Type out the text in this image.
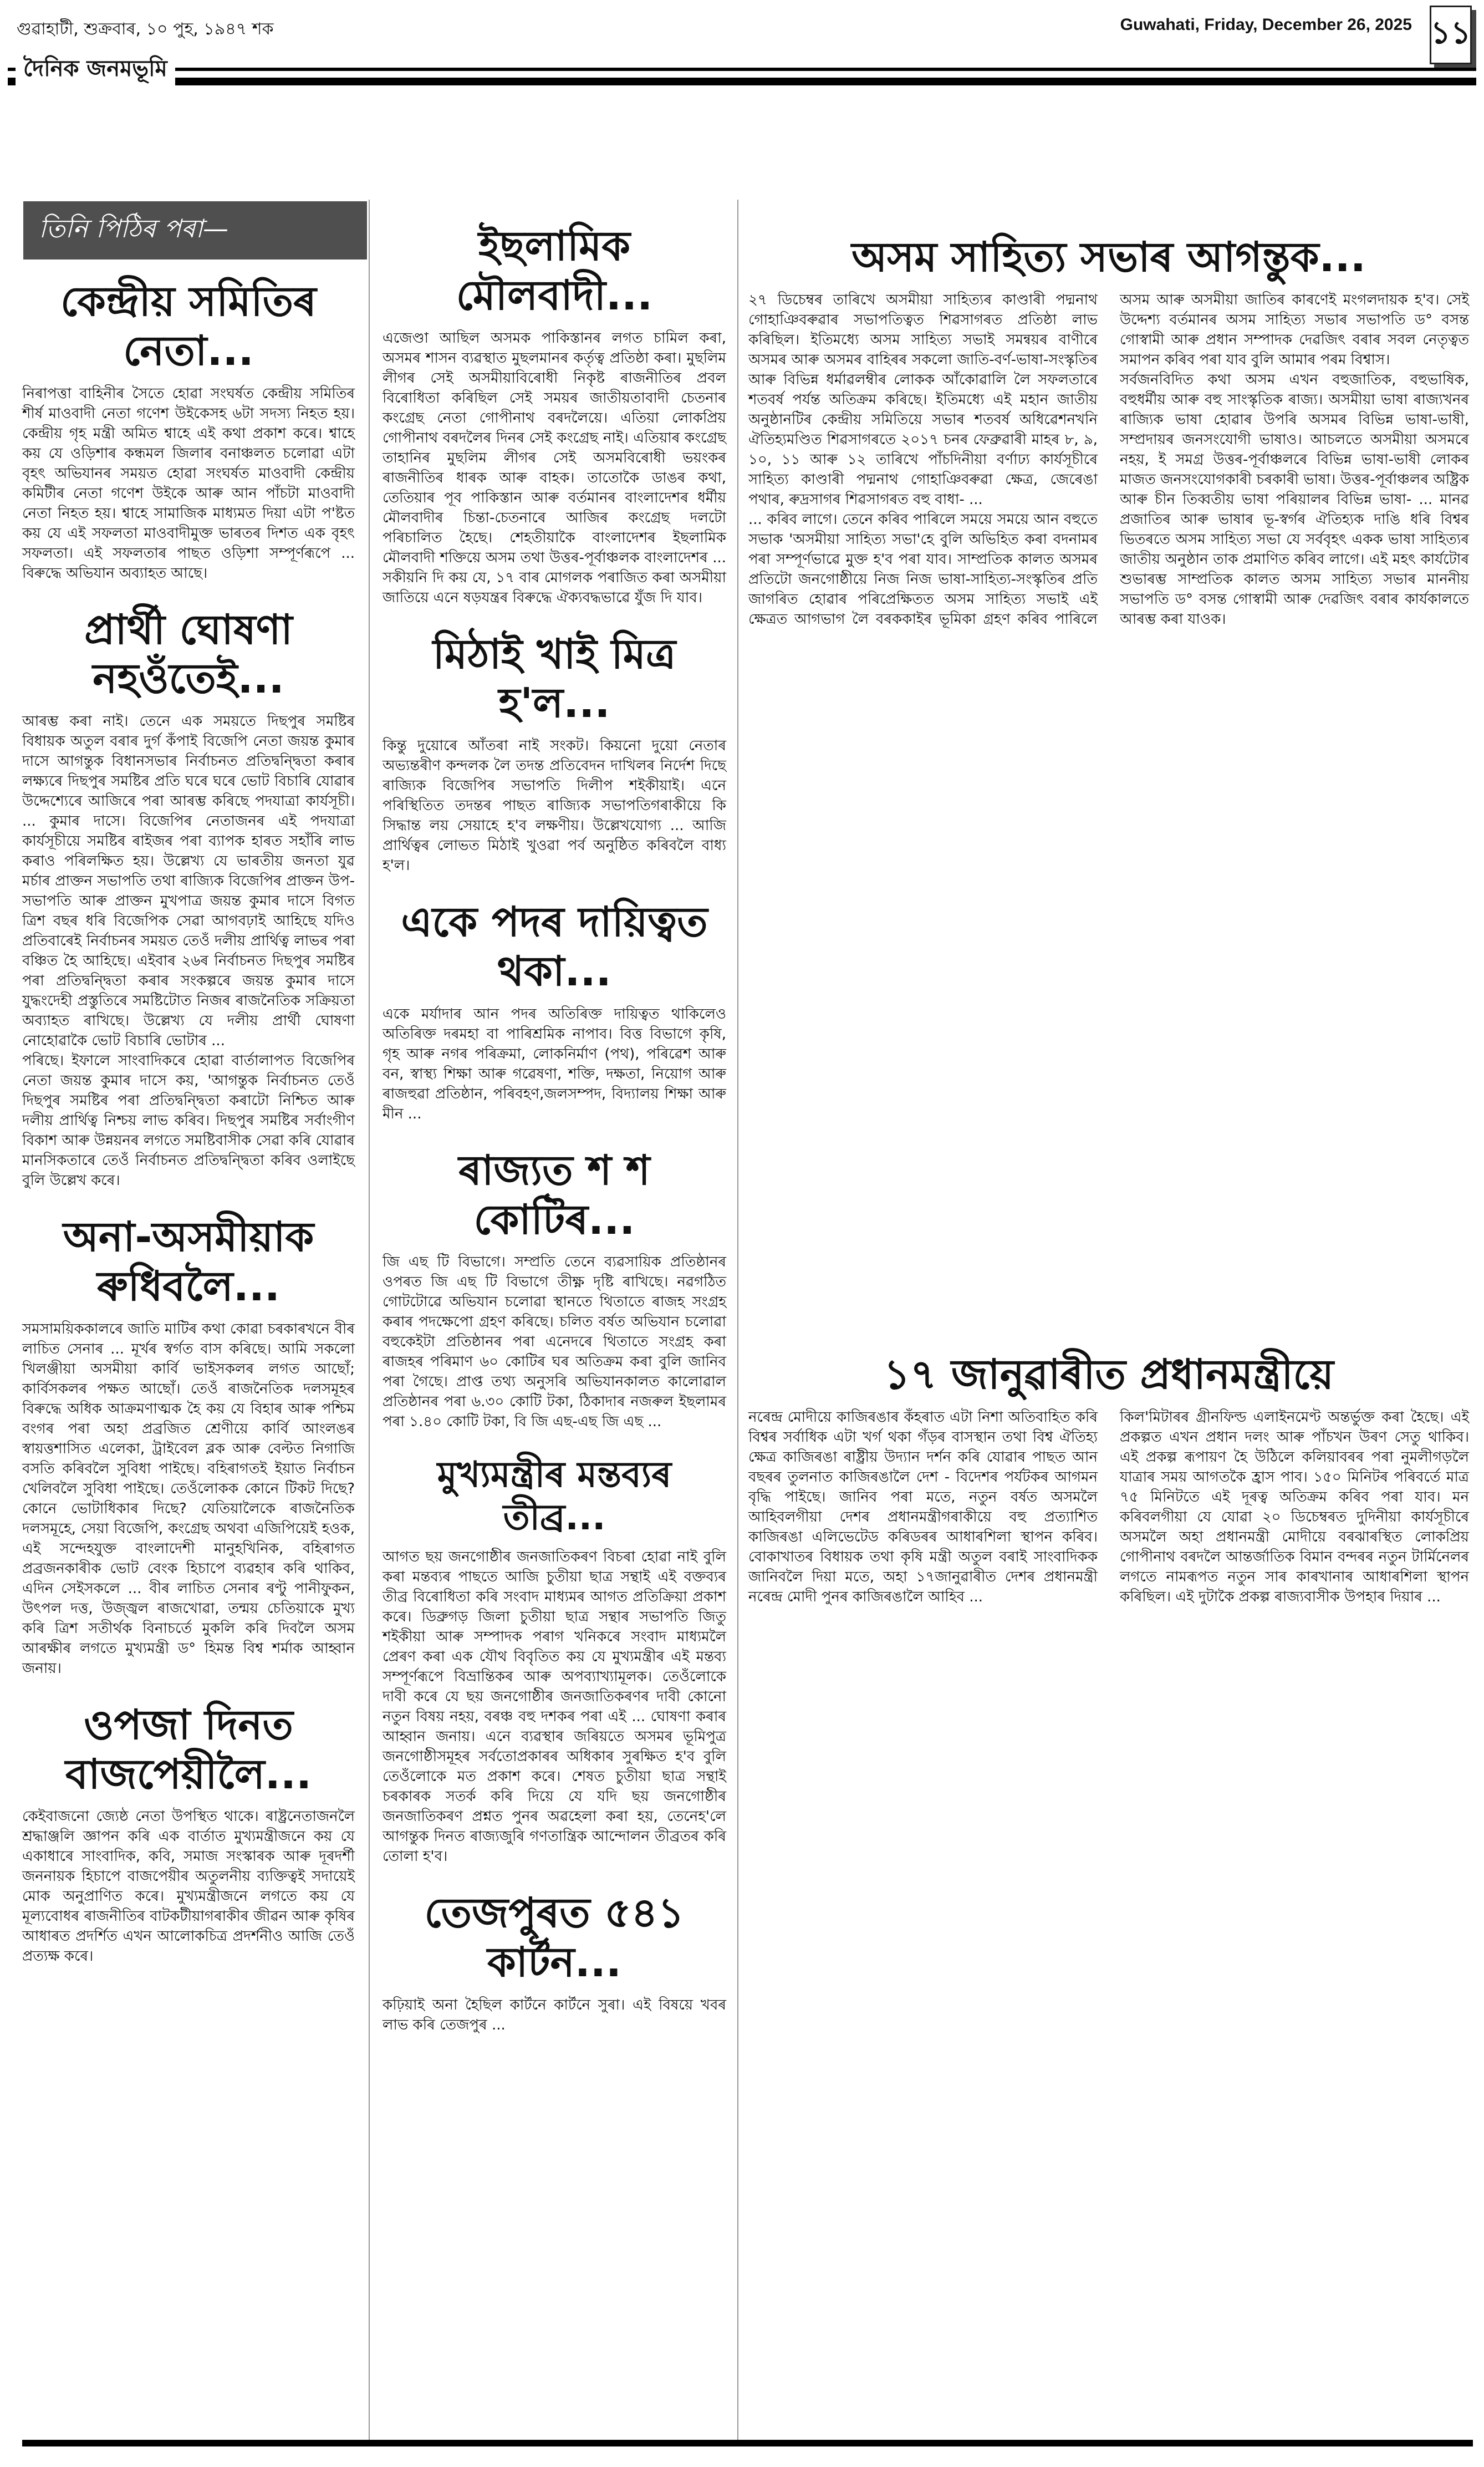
গুৱাহাটী, শুক্ৰবাৰ, ১০ পুহ, ১৯৪৭ শক	Guwahati, Friday, December 26, 2025 ১১
দৈনিক জনমভূমি
তিনি পিঠিৰ পৰা—
কেন্দ্ৰীয় সমিতিৰ নেতা...

নিৰাপত্তা বাহিনীৰ সৈতে হোৱা সংঘৰ্ষত কেন্দ্ৰীয় সমিতিৰ শীৰ্ষ মাওবাদী নেতা গণেশ উইকেসহ ৬টা সদস্য নিহত হয়। কেন্দ্ৰীয় গৃহ মন্ত্ৰী অমিত শ্বাহে এই কথা প্ৰকাশ কৰে। শ্বাহে কয় যে ওড়িশাৰ কন্ধমল জিলাৰ বনাঞ্চলত চলোৱা এটা বৃহৎ অভিযানৰ সময়ত হোৱা সংঘৰ্ষত মাওবাদী কেন্দ্ৰীয় কমিটীৰ নেতা গণেশ উইকে আৰু আন পাঁচটা মাওবাদী নেতা নিহত হয়। শ্বাহে সামাজিক মাধ্যমত দিয়া এটা প'ষ্টত কয় যে এই সফলতা মাওবাদীমুক্ত ভাৰতৰ দিশত এক বৃহৎ সফলতা। এই সফলতাৰ পাছত ওড়িশা সম্পূৰ্ণৰূপে ... বিৰুদ্ধে অভিযান অব্যাহত আছে।

প্ৰাৰ্থী ঘোষণা নহওঁতেই...

আৰম্ভ কৰা নাই। তেনে এক সময়তে দিছপুৰ সমষ্টিৰ বিধায়ক অতুল বৰাৰ দুৰ্গ কঁপাই বিজেপি নেতা জয়ন্ত কুমাৰ দাসে আগন্তুক বিধানসভাৰ নিৰ্বাচনত প্ৰতিদ্বন্দ্বিতা কৰাৰ লক্ষ্যৰে দিছপুৰ সমষ্টিৰ প্ৰতি ঘৰে ঘৰে ভোট বিচাৰি যোৱাৰ উদ্দেশ্যেৰে আজিৰে পৰা আৰম্ভ কৰিছে পদযাত্ৰা কাৰ্যসূচী। ... কুমাৰ দাসে। বিজেপিৰ নেতাজনৰ এই পদযাত্ৰা কাৰ্যসূচীয়ে সমষ্টিৰ ৰাইজৰ পৰা ব্যাপক হাৰত সহাঁৰি লাভ কৰাও পৰিলক্ষিত হয়। উল্লেখ্য যে ভাৰতীয় জনতা যুৱ মৰ্চাৰ প্ৰাক্তন সভাপতি তথা ৰাজ্যিক বিজেপিৰ প্ৰাক্তন উপ-সভাপতি আৰু প্ৰাক্তন মুখপাত্ৰ জয়ন্ত কুমাৰ দাসে বিগত ত্ৰিশ বছৰ ধৰি বিজেপিক সেৱা আগবঢ়াই আহিছে যদিও প্ৰতিবাৰেই নিৰ্বাচনৰ সময়ত তেওঁ দলীয় প্ৰাৰ্থিত্ব লাভৰ পৰা বঞ্চিত হৈ আহিছে। এইবাৰ ২৬ৰ নিৰ্বাচনত দিছপুৰ সমষ্টিৰ পৰা প্ৰতিদ্বন্দ্বিতা কৰাৰ সংকল্পৰে জয়ন্ত কুমাৰ দাসে যুদ্ধংদেহী প্ৰস্তুতিৰে সমষ্টিটোত নিজৰ ৰাজনৈতিক সক্ৰিয়তা অব্যাহত ৰাখিছে। উল্লেখ্য যে দলীয় প্ৰাৰ্থী ঘোষণা নোহোৱাকৈ ভোট বিচাৰি ভোটাৰ ...

পৰিছে। ইফালে সাংবাদিকৰে হোৱা বাৰ্তালাপত বিজেপিৰ নেতা জয়ন্ত কুমাৰ দাসে কয়, 'আগন্তুক নিৰ্বাচনত তেওঁ দিছপুৰ সমষ্টিৰ পৰা প্ৰতিদ্বন্দ্বিতা কৰাটো নিশ্চিত আৰু দলীয় প্ৰাৰ্থিত্ব নিশ্চয় লাভ কৰিব। দিছপুৰ সমষ্টিৰ সৰ্বাংগীণ বিকাশ আৰু উন্নয়নৰ লগতে সমষ্টিবাসীক সেৱা কৰি যোৱাৰ মানসিকতাৰে তেওঁ নিৰ্বাচনত প্ৰতিদ্বন্দ্বিতা কৰিব ওলাইছে বুলি উল্লেখ কৰে।

অনা-অসমীয়াক ৰুধিবলৈ...

সমসাময়িককালৰে জাতি মাটিৰ কথা কোৱা চৰকাৰখনে বীৰ লাচিত সেনাৰ ... মূৰ্খৰ স্বৰ্গত বাস কৰিছে। আমি সকলো খিলঞ্জীয়া অসমীয়া কাৰ্বি ভাইসকলৰ লগত আছোঁ; কাৰ্বিসকলৰ পক্ষত আছোঁ। তেওঁ ৰাজনৈতিক দলসমূহৰ বিৰুদ্ধে অধিক আক্ৰমণাত্মক হৈ কয় যে বিহাৰ আৰু পশ্চিম বংগৰ পৰা অহা প্ৰব্ৰজিত শ্ৰেণীয়ে কাৰ্বি আংলঙৰ স্বায়ত্তশাসিত এলেকা, ট্ৰাইবেল ব্লক আৰু বেল্টত নিগাজি বসতি কৰিবলৈ সুবিধা পাইছে। বহিৰাগতই ইয়াত নিৰ্বাচন খেলিবলৈ সুবিধা পাইছে। তেওঁলোকক কোনে টিকট দিছে? কোনে ভোটাধিকাৰ দিছে? যেতিয়ালৈকে ৰাজনৈতিক দলসমূহে, সেয়া বিজেপি, কংগ্ৰেছ অথবা এজিপিয়েই হওক, এই সন্দেহযুক্ত বাংলাদেশী মানুহখিনিক, বহিৰাগত প্ৰব্ৰজনকাৰীক ভোট বেংক হিচাপে ব্যৱহাৰ কৰি থাকিব, এদিন সেইসকলে ... বীৰ লাচিত সেনাৰ ৰণ্টু পানীফুকন, উৎপল দত্ত, উজ্জ্বল ৰাজখোৱা, তন্ময় চেতিয়াকে মুখ্য কৰি ত্ৰিশ সতীৰ্থক বিনাচৰ্তে মুকলি কৰি দিবলৈ অসম আৰক্ষীৰ লগতে মুখ্যমন্ত্ৰী ড° হিমন্ত বিশ্ব শৰ্মাক আহ্বান জনায়।

ওপজা দিনত বাজপেয়ীলৈ...

কেইবাজনো জ্যেষ্ঠ নেতা উপস্থিত থাকে। ৰাষ্ট্ৰনেতাজনলৈ শ্ৰদ্ধাঞ্জলি জ্ঞাপন কৰি এক বাৰ্তাত মুখ্যমন্ত্ৰীজনে কয় যে একাধাৰে সাংবাদিক, কবি, সমাজ সংস্কাৰক আৰু দূৰদৰ্শী জননায়ক হিচাপে বাজপেয়ীৰ অতুলনীয় ব্যক্তিত্বই সদায়েই মোক অনুপ্ৰাণিত কৰে। মুখ্যমন্ত্ৰীজনে লগতে কয় যে মূল্যবোধৰ ৰাজনীতিৰ বাটকটীয়াগৰাকীৰ জীৱন আৰু কৃষিৰ আধাৰত প্ৰদৰ্শিত এখন আলোকচিত্ৰ প্ৰদৰ্শনীও আজি তেওঁ প্ৰত্যক্ষ কৰে।

ইছলামিক মৌলবাদী...

এজেণ্ডা আছিল অসমক পাকিস্তানৰ লগত চামিল কৰা, অসমৰ শাসন ব্যৱস্থাত মুছলমানৰ কৰ্তৃত্ব প্ৰতিষ্ঠা কৰা। মুছলিম লীগৰ সেই অসমীয়াবিৰোধী নিকৃষ্ট ৰাজনীতিৰ প্ৰবল বিৰোধিতা কৰিছিল সেই সময়ৰ জাতীয়তাবাদী চেতনাৰ কংগ্ৰেছ নেতা গোপীনাথ বৰদলৈয়ে। এতিয়া লোকপ্ৰিয় গোপীনাথ বৰদলৈৰ দিনৰ সেই কংগ্ৰেছ নাই। এতিয়াৰ কংগ্ৰেছ তাহানিৰ মুছলিম লীগৰ সেই অসমবিৰোধী ভয়ংকৰ ৰাজনীতিৰ ধাৰক আৰু বাহক। তাতোকৈ ডাঙৰ কথা, তেতিয়াৰ পূব পাকিস্তান আৰু বৰ্তমানৰ বাংলাদেশৰ ধৰ্মীয় মৌলবাদীৰ চিন্তা-চেতনাৰে আজিৰ কংগ্ৰেছ দলটো পৰিচালিত হৈছে। শেহতীয়াকৈ বাংলাদেশৰ ইছলামিক মৌলবাদী শক্তিয়ে অসম তথা উত্তৰ-পূৰ্বাঞ্চলক বাংলাদেশৰ ... সকীয়নি দি কয় যে, ১৭ বাৰ মোগলক পৰাজিত কৰা অসমীয়া জাতিয়ে এনে ষড়যন্ত্ৰৰ বিৰুদ্ধে ঐক্যবদ্ধভাৱে যুঁজ দি যাব।

মিঠাই খাই মিত্ৰ হ'ল...

কিন্তু দুয়োৰে আঁতৰা নাই সংকট। কিয়নো দুয়ো নেতাৰ অভ্যন্তৰীণ কন্দলক লৈ তদন্ত প্ৰতিবেদন দাখিলৰ নিৰ্দেশ দিছে ৰাজ্যিক বিজেপিৰ সভাপতি দিলীপ শইকীয়াই। এনে পৰিস্থিতিত তদন্তৰ পাছত ৰাজ্যিক সভাপতিগৰাকীয়ে কি সিদ্ধান্ত লয় সেয়াহে হ'ব লক্ষণীয়। উল্লেখযোগ্য ... আজি প্ৰাৰ্থিত্বৰ লোভত মিঠাই খুওৱা পৰ্ব অনুষ্ঠিত কৰিবলৈ বাধ্য হ'ল।

একে পদৰ দায়িত্বত থকা...

একে মৰ্যাদাৰ আন পদৰ অতিৰিক্ত দায়িত্বত থাকিলেও অতিৰিক্ত দৰমহা বা পাৰিশ্ৰমিক নাপাব। বিত্ত বিভাগে কৃষি, গৃহ আৰু নগৰ পৰিক্ৰমা, লোকনিৰ্মাণ (পথ), পৰিৱেশ আৰু বন, স্বাস্থ্য শিক্ষা আৰু গৱেষণা, শক্তি, দক্ষতা, নিয়োগ আৰু ৰাজহুৱা প্ৰতিষ্ঠান, পৰিবহণ,জলসম্পদ, বিদ্যালয় শিক্ষা আৰু মীন ...

ৰাজ্যত শ শ কোটিৰ...

জি এছ টি বিভাগে। সম্প্ৰতি তেনে ব্যৱসায়িক প্ৰতিষ্ঠানৰ ওপৰত জি এছ টি বিভাগে তীক্ষ্ণ দৃষ্টি ৰাখিছে। নৱগঠিত গোটটোৱে অভিযান চলোৱা স্থানতে থিতাতে ৰাজহ সংগ্ৰহ কৰাৰ পদক্ষেপো গ্ৰহণ কৰিছে। চলিত বৰ্ষত অভিযান চলোৱা বহুকেইটা প্ৰতিষ্ঠানৰ পৰা এনেদৰে থিতাতে সংগ্ৰহ কৰা ৰাজহৰ পৰিমাণ ৬০ কোটিৰ ঘৰ অতিক্ৰম কৰা বুলি জানিব পৰা গৈছে। প্ৰাপ্ত তথ্য অনুসৰি অভিযানকালত কালোৱাল প্ৰতিষ্ঠানৰ পৰা ৬.৩০ কোটি টকা, ঠিকাদাৰ নজৰুল ইছলামৰ পৰা ১.৪০ কোটি টকা, বি জি এছ-এছ জি এছ ...

মুখ্যমন্ত্ৰীৰ মন্তব্যৰ তীব্ৰ...

আগত ছয় জনগোষ্ঠীৰ জনজাতিকৰণ বিচৰা হোৱা নাই বুলি কৰা মন্তব্যৰ পাছতে আজি চুতীয়া ছাত্ৰ সন্থাই এই বক্তব্যৰ তীব্ৰ বিৰোধিতা কৰি সংবাদ মাধ্যমৰ আগত প্ৰতিক্ৰিয়া প্ৰকাশ কৰে। ডিব্ৰুগড় জিলা চুতীয়া ছাত্ৰ সন্থাৰ সভাপতি জিতু শইকীয়া আৰু সম্পাদক পৰাগ খনিকৰে সংবাদ মাধ্যমলৈ প্ৰেৰণ কৰা এক যৌথ বিবৃতিত কয় যে মুখ্যমন্ত্ৰীৰ এই মন্তব্য সম্পূৰ্ণৰূপে বিভ্ৰান্তিকৰ আৰু অপব্যাখ্যামূলক। তেওঁলোকে দাবী কৰে যে ছয় জনগোষ্ঠীৰ জনজাতিকৰণৰ দাবী কোনো নতুন বিষয় নহয়, বৰঞ্চ বহু দশকৰ পৰা এই ... ঘোষণা কৰাৰ আহ্বান জনায়। এনে ব্যৱস্থাৰ জৰিয়তে অসমৰ ভূমিপুত্ৰ জনগোষ্ঠীসমূহৰ সৰ্বতোপ্ৰকাৰৰ অধিকাৰ সুৰক্ষিত হ'ব বুলি তেওঁলোকে মত প্ৰকাশ কৰে। শেষত চুতীয়া ছাত্ৰ সন্থাই চৰকাৰক সতৰ্ক কৰি দিয়ে যে যদি ছয় জনগোষ্ঠীৰ জনজাতিকৰণ প্ৰশ্নত পুনৰ অৱহেলা কৰা হয়, তেনেহ'লে আগন্তুক দিনত ৰাজ্যজুৰি গণতান্ত্ৰিক আন্দোলন তীব্ৰতৰ কৰি তোলা হ'ব।

তেজপুৰত ৫৪১ কাৰ্টন...

কঢ়িয়াই অনা হৈছিল কাৰ্টনে কাৰ্টনে সুৰা। এই বিষয়ে খবৰ লাভ কৰি তেজপুৰ ...

অসম সাহিত্য সভাৰ আগন্তুক...

২৭ ডিচেম্বৰ তাৰিখে অসমীয়া সাহিত্যৰ কাণ্ডাৰী পদ্মনাথ গোহাঞিবৰুৱাৰ সভাপতিত্বত শিৱসাগৰত প্ৰতিষ্ঠা লাভ কৰিছিল। ইতিমধ্যে অসম সাহিত্য সভাই সমন্বয়ৰ বাণীৰে অসমৰ আৰু অসমৰ বাহিৰৰ সকলো জাতি-বৰ্ণ-ভাষা-সংস্কৃতিৰ আৰু বিভিন্ন ধৰ্মাৱলম্বীৰ লোকক আঁকোৱালি লৈ সফলতাৰে শতবৰ্ষ পৰ্যন্ত অতিক্ৰম কৰিছে। ইতিমধ্যে এই মহান জাতীয় অনুষ্ঠানটিৰ কেন্দ্ৰীয় সমিতিয়ে সভাৰ শতবৰ্ষ অধিৱেশনখনি ঐতিহ্যমণ্ডিত শিৱসাগৰতে ২০১৭ চনৰ ফেব্ৰুৱাৰী মাহৰ ৮, ৯, ১০, ১১ আৰু ১২ তাৰিখে পাঁচদিনীয়া বৰ্ণাঢ্য কাৰ্যসূচীৰে সাহিত্য কাণ্ডাৰী পদ্মনাথ গোহাঞিবৰুৱা ক্ষেত্ৰ, জেৰেঙা পথাৰ, ৰুদ্ৰসাগৰ শিৱসাগৰত বহু বাধা- ...

... কৰিব লাগে। তেনে কৰিব পাৰিলে সময়ে সময়ে আন বহুতে সভাক 'অসমীয়া সাহিত্য সভা'হে বুলি অভিহিত কৰা বদনামৰ পৰা সম্পূৰ্ণভাৱে মুক্ত হ'ব পৰা যাব। সাম্প্ৰতিক কালত অসমৰ প্ৰতিটো জনগোষ্ঠীয়ে নিজ নিজ ভাষা-সাহিত্য-সংস্কৃতিৰ প্ৰতি জাগৰিত হোৱাৰ পৰিপ্ৰেক্ষিতত অসম সাহিত্য সভাই এই ক্ষেত্ৰত আগভাগ লৈ বৰককাইৰ ভূমিকা গ্ৰহণ কৰিব পাৰিলে অসম আৰু অসমীয়া জাতিৰ কাৰণেই মংগলদায়ক হ'ব। সেই উদ্দেশ্য বৰ্তমানৰ অসম সাহিত্য সভাৰ সভাপতি ড° বসন্ত গোস্বামী আৰু প্ৰধান সম্পাদক দেৱজিৎ বৰাৰ সবল নেতৃত্বত সমাপন কৰিব পৰা যাব বুলি আমাৰ পৰম বিশ্বাস।

সৰ্বজনবিদিত কথা অসম এখন বহুজাতিক, বহুভাষিক, বহুধৰ্মীয় আৰু বহু সাংস্কৃতিক ৰাজ্য। অসমীয়া ভাষা ৰাজ্যখনৰ ৰাজ্যিক ভাষা হোৱাৰ উপৰি অসমৰ বিভিন্ন ভাষা-ভাষী, সম্প্ৰদায়ৰ জনসংযোগী ভাষাও। আচলতে অসমীয়া অসমৰে নহয়, ই সমগ্ৰ উত্তৰ-পূৰ্বাঞ্চলৰে বিভিন্ন ভাষা-ভাষী লোকৰ মাজত জনসংযোগকাৰী চৰকাৰী ভাষা। উত্তৰ-পূৰ্বাঞ্চলৰ অষ্ট্ৰিক আৰু চীন তিব্বতীয় ভাষা পৰিয়ালৰ বিভিন্ন ভাষা- ... মানৱ প্ৰজাতিৰ আৰু ভাষাৰ ভূ-স্বৰ্গৰ ঐতিহ্যক দাঙি ধৰি বিশ্বৰ ভিতৰতে অসম সাহিত্য সভা যে সৰ্ববৃহৎ একক ভাষা সাহিত্যৰ জাতীয় অনুষ্ঠান তাক প্ৰমাণিত কৰিব লাগে। এই মহৎ কাৰ্যটোৰ শুভাৰম্ভ সাম্প্ৰতিক কালত অসম সাহিত্য সভাৰ মাননীয় সভাপতি ড° বসন্ত গোস্বামী আৰু দেৱজিৎ বৰাৰ কাৰ্যকালতে আৰম্ভ কৰা যাওক।

১৭ জানুৱাৰীত প্ৰধানমন্ত্ৰীয়ে

নৰেন্দ্ৰ মোদীয়ে কাজিৰঙাৰ কঁহৰাত এটা নিশা অতিবাহিত কৰি বিশ্বৰ সৰ্বাধিক এটা খৰ্গ থকা গঁড়ৰ বাসস্থান তথা বিশ্ব ঐতিহ্য ক্ষেত্ৰ কাজিৰঙা ৰাষ্ট্ৰীয় উদ্যান দৰ্শন কৰি যোৱাৰ পাছত আন বছৰৰ তুলনাত কাজিৰঙালৈ দেশ - বিদেশৰ পৰ্যটকৰ আগমন বৃদ্ধি পাইছে। জানিব পৰা মতে, নতুন বৰ্ষত অসমলৈ আহিবলগীয়া দেশৰ প্ৰধানমন্ত্ৰীগৰাকীয়ে বহু প্ৰত্যাশিত কাজিৰঙা এলিভেটেড কৰিডৰৰ আধাৰশিলা স্থাপন কৰিব। বোকাখাতৰ বিধায়ক তথা কৃষি মন্ত্ৰী অতুল বৰাই সাংবাদিকক জানিবলৈ দিয়া মতে, অহা ১৭জানুৱাৰীত দেশৰ প্ৰধানমন্ত্ৰী নৰেন্দ্ৰ মোদী পুনৰ কাজিৰঙালৈ আহিব ...

কিল'মিটাৰৰ গ্ৰীনফিল্ড এলাইনমেণ্ট অন্তৰ্ভুক্ত কৰা হৈছে। এই প্ৰকল্পত এখন প্ৰধান দলং আৰু পাঁচখন উৰণ সেতু থাকিব। এই প্ৰকল্প ৰূপায়ণ হৈ উঠিলে কলিয়াবৰৰ পৰা নুমলীগড়লৈ যাত্ৰাৰ সময় আগতকৈ হ্ৰাস পাব। ১৫০ মিনিটৰ পৰিবৰ্তে মাত্ৰ ৭৫ মিনিটতে এই দূৰত্ব অতিক্ৰম কৰিব পৰা যাব। মন কৰিবলগীয়া যে যোৱা ২০ ডিচেম্বৰত দুদিনীয়া কাৰ্যসূচীৰে অসমলৈ অহা প্ৰধানমন্ত্ৰী মোদীয়ে বৰঝাৰস্থিত লোকপ্ৰিয় গোপীনাথ বৰদলৈ আন্তৰ্জাতিক বিমান বন্দৰৰ নতুন টাৰ্মিনেলৰ লগতে নামৰূপত নতুন সাৰ কাৰখানাৰ আধাৰশিলা স্থাপন কৰিছিল। এই দুটাকৈ প্ৰকল্প ৰাজ্যবাসীক উপহাৰ দিয়াৰ ...
